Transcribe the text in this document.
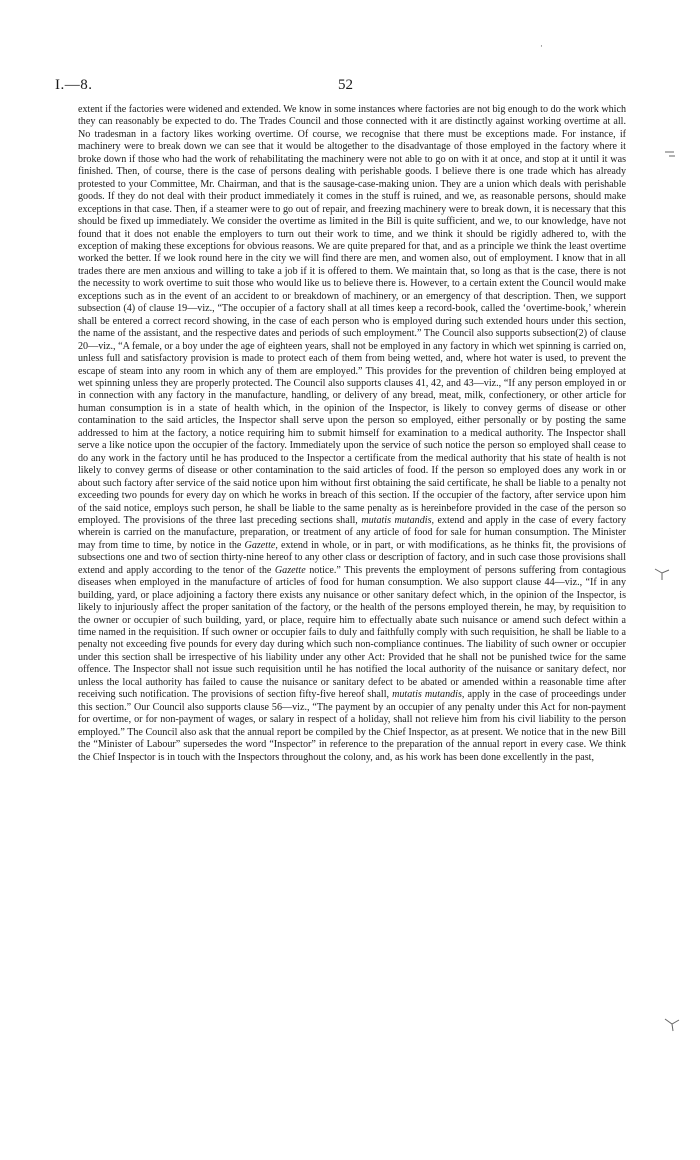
·
I.—8.	52

extent if the factories were widened and extended. We know in some instances where factories are not big enough to do the work which they can reasonably be expected to do. The Trades Council and those connected with it are distinctly against working overtime at all. No tradesman in a factory likes working overtime. Of course, we recognise that there must be exceptions made. For instance, if machinery were to break down we can see that it would be altogether to the disadvantage of those employed in the factory where it broke down if those who had the work of rehabilitating the machinery were not able to go on with it at once, and stop at it until it was finished. Then, of course, there is the case of persons dealing with perishable goods. I believe there is one trade which has already protested to your Committee, Mr. Chairman, and that is the sausage-case-making union. They are a union which deals with perishable goods. If they do not deal with their product immediately it comes in the stuff is ruined, and we, as reasonable persons, should make exceptions in that case. Then, if a steamer were to go out of repair, and freezing machinery were to break down, it is necessary that this should be fixed up immediately. We consider the overtime as limited in the Bill is quite sufficient, and we, to our knowledge, have not found that it does not enable the employers to turn out their work to time, and we think it should be rigidly adhered to, with the exception of making these exceptions for obvious reasons. We are quite prepared for that, and as a principle we think the least overtime worked the better. If we look round here in the city we will find there are men, and women also, out of employment. I know that in all trades there are men anxious and willing to take a job if it is offered to them. We maintain that, so long as that is the case, there is not the necessity to work overtime to suit those who would like us to believe there is. However, to a certain extent the Council would make exceptions such as in the event of an accident to or breakdown of machinery, or an emergency of that description. Then, we support subsection (4) of clause 19—viz., “The occupier of a factory shall at all times keep a record-book, called the ‘overtime-book,’ wherein shall be entered a correct record showing, in the case of each person who is employed during such extended hours under this section, the name of the assistant, and the respective dates and periods of such employment.” The Council also supports subsection(2) of clause 20—viz., “A female, or a boy under the age of eighteen years, shall not be employed in any factory in which wet spinning is carried on, unless full and satisfactory provision is made to protect each of them from being wetted, and, where hot water is used, to prevent the escape of steam into any room in which any of them are employed.” This provides for the prevention of children being employed at wet spinning unless they are properly protected. The Council also supports clauses 41, 42, and 43—viz., “If any person employed in or in connection with any factory in the manufacture, handling, or delivery of any bread, meat, milk, confectionery, or other article for human consumption is in a state of health which, in the opinion of the Inspector, is likely to convey germs of disease or other contamination to the said articles, the Inspector shall serve upon the person so employed, either personally or by posting the same addressed to him at the factory, a notice requiring him to submit himself for examination to a medical authority. The Inspector shall serve a like notice upon the occupier of the factory. Immediately upon the service of such notice the person so employed shall cease to do any work in the factory until he has produced to the Inspector a certificate from the medical authority that his state of health is not likely to convey germs of disease or other contamination to the said articles of food. If the person so employed does any work in or about such factory after service of the said notice upon him without first obtaining the said certificate, he shall be liable to a penalty not exceeding two pounds for every day on which he works in breach of this section. If the occupier of the factory, after service upon him of the said notice, employs such person, he shall be liable to the same penalty as is hereinbefore provided in the case of the person so employed. The provisions of the three last preceding sections shall, mutatis mutandis, extend and apply in the case of every factory wherein is carried on the manufacture, preparation, or treatment of any article of food for sale for human consumption. The Minister may from time to time, by notice in the Gazette, extend in whole, or in part, or with modifications, as he thinks fit, the provisions of subsections one and two of section thirty-nine hereof to any other class or description of factory, and in such case those provisions shall extend and apply according to the tenor of the Gazette notice.” This prevents the employment of persons suffering from contagious diseases when employed in the manufacture of articles of food for human consumption. We also support clause 44—viz., “If in any building, yard, or place adjoining a factory there exists any nuisance or other sanitary defect which, in the opinion of the Inspector, is likely to injuriously affect the proper sanitation of the factory, or the health of the persons employed therein, he may, by requisition to the owner or occupier of such building, yard, or place, require him to effectually abate such nuisance or amend such defect within a time named in the requisition. If such owner or occupier fails to duly and faithfully comply with such requisition, he shall be liable to a penalty not exceeding five pounds for every day during which such non-compliance continues. The liability of such owner or occupier under this section shall be irrespective of his liability under any other Act: Provided that he shall not be punished twice for the same offence. The Inspector shall not issue such requisition until he has notified the local authority of the nuisance or sanitary defect, nor unless the local authority has failed to cause the nuisance or sanitary defect to be abated or amended within a reasonable time after receiving such notification. The provisions of section fifty-five hereof shall, mutatis mutandis, apply in the case of proceedings under this section.” Our Council also supports clause 56—viz., “The payment by an occupier of any penalty under this Act for non-payment for overtime, or for non-payment of wages, or salary in respect of a holiday, shall not relieve him from his civil liability to the person employed.” The Council also ask that the annual report be compiled by the Chief Inspector, as at present. We notice that in the new Bill the “Minister of Labour” supersedes the word “Inspector” in reference to the preparation of the annual report in every case. We think the Chief Inspector is in touch with the Inspectors throughout the colony, and, as his work has been done excellently in the past,
